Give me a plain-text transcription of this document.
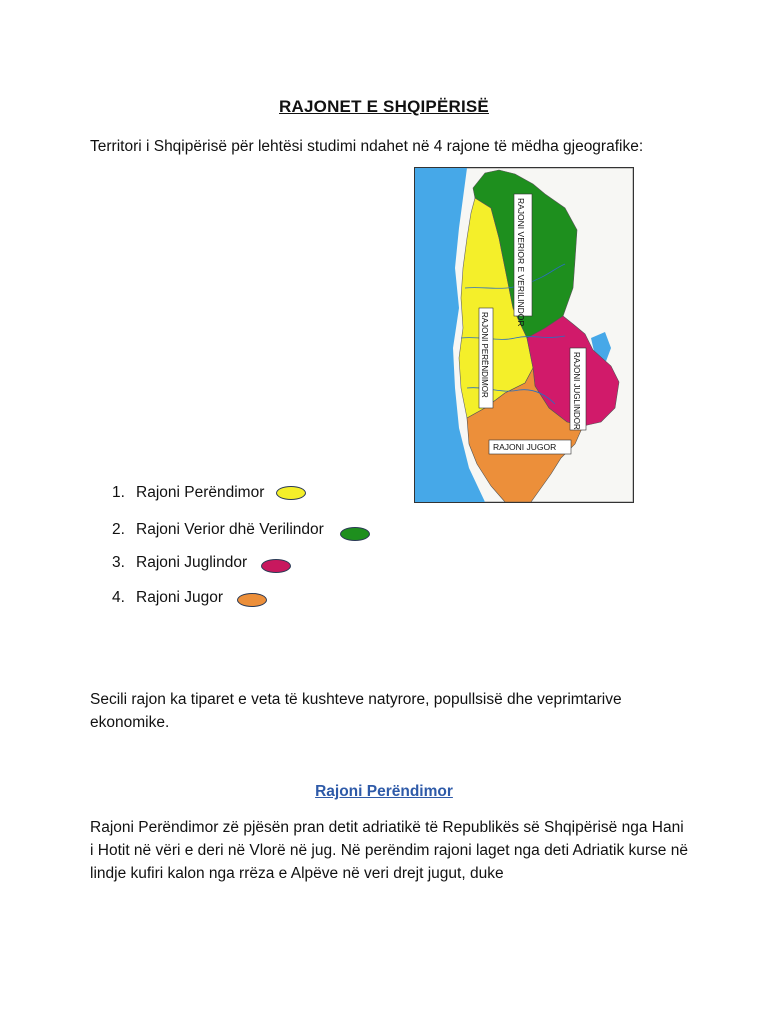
RAJONET E SHQIPËRISË
Territori i Shqipërisë për lehtësi studimi ndahet në 4 rajone të mëdha gjeografike:
RAJONI VERIOR E VERILINDOR
RAJONI PERËNDIMOR	RAJONI JUGLINDOR
RAJONI JUGOR
1. Rajoni Perëndimor
2. Rajoni Verior dhë Verilindor
3. Rajoni Juglindor
4. Rajoni Jugor
Secili rajon ka tiparet e veta të kushteve natyrore, popullsisë dhe veprimtarive ekonomike.
Rajoni Perëndimor
Rajoni Perëndimor zë pjësën pran detit adriatikë të Republikës së Shqipërisë nga Hani i Hotit në vëri e deri në Vlorë në jug. Në perëndim rajoni laget nga deti Adriatik kurse në lindje kufiri kalon nga rrëza e Alpëve në veri drejt jugut, duke
